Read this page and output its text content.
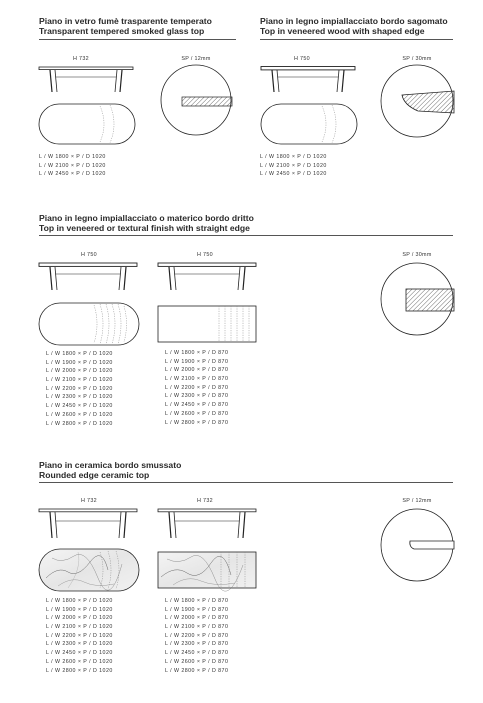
Piano in vetro fumè trasparente temperato
Transparent tempered smoked glass top
H 732	SP / 12mm
L / W 1800 × P / D 1020
L / W 2100 × P / D 1020
L / W 2450 × P / D 1020
Piano in legno impiallacciato bordo sagomato
Top in veneered wood with shaped edge
H 750	SP / 30mm
L / W 1800 × P / D 1020
L / W 2100 × P / D 1020
L / W 2450 × P / D 1020
Piano in legno impiallacciato o materico bordo dritto
Top in veneered or textural finish with straight edge
H 750	H 750	SP / 30mm
L / W 1800 × P / D 1020
L / W 1900 × P / D 1020
L / W 2000 × P / D 1020
L / W 2100 × P / D 1020
L / W 2200 × P / D 1020
L / W 2300 × P / D 1020
L / W 2450 × P / D 1020
L / W 2600 × P / D 1020
L / W 2800 × P / D 1020
L / W 1800 × P / D 870
L / W 1900 × P / D 870
L / W 2000 × P / D 870
L / W 2100 × P / D 870
L / W 2200 × P / D 870
L / W 2300 × P / D 870
L / W 2450 × P / D 870
L / W 2600 × P / D 870
L / W 2800 × P / D 870
Piano in ceramica bordo smussato
Rounded edge ceramic top
H 732	H 732	SP / 12mm
L / W 1800 × P / D 1020
L / W 1900 × P / D 1020
L / W 2000 × P / D 1020
L / W 2100 × P / D 1020
L / W 2200 × P / D 1020
L / W 2300 × P / D 1020
L / W 2450 × P / D 1020
L / W 2600 × P / D 1020
L / W 2800 × P / D 1020
L / W 1800 × P / D 870
L / W 1900 × P / D 870
L / W 2000 × P / D 870
L / W 2100 × P / D 870
L / W 2200 × P / D 870
L / W 2300 × P / D 870
L / W 2450 × P / D 870
L / W 2600 × P / D 870
L / W 2800 × P / D 870
